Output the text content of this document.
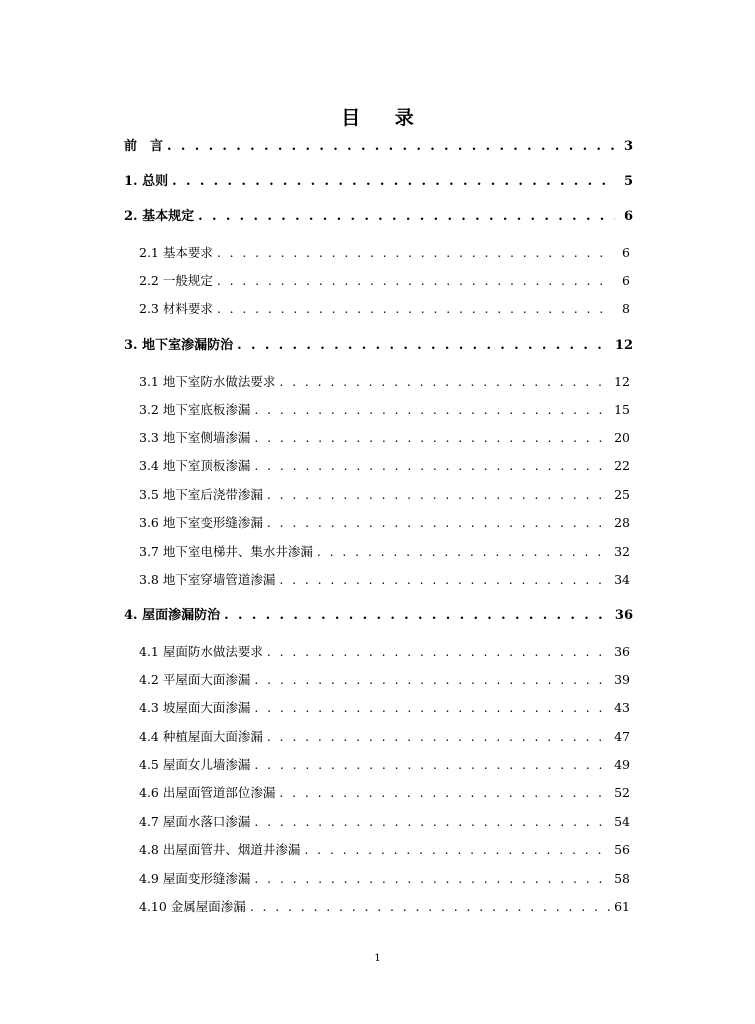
目 录
前　言 . . .	3
1. 总则 . . .	5
2. 基本规定 . . .	6
2.1 基本要求 . . .	6
2.2 一般规定 . . .	6
2.3 材料要求 . . .	8
3. 地下室渗漏防治 . . .	12
3.1 地下室防水做法要求 . . .	12
3.2 地下室底板渗漏 . . .	15
3.3 地下室侧墙渗漏 . . .	20
3.4 地下室顶板渗漏 . . .	22
3.5 地下室后浇带渗漏 . . .	25
3.6 地下室变形缝渗漏 . . .	28
3.7 地下室电梯井、集水井渗漏 . . .	32
3.8 地下室穿墙管道渗漏 . . .	34
4. 屋面渗漏防治 . . .	36
4.1 屋面防水做法要求 . . .	36
4.2 平屋面大面渗漏 . . .	39
4.3 坡屋面大面渗漏 . . .	43
4.4 种植屋面大面渗漏 . . .	47
4.5 屋面女儿墙渗漏 . . .	49
4.6 出屋面管道部位渗漏 . . .	52
4.7 屋面水落口渗漏 . . .	54
4.8 出屋面管井、烟道井渗漏 . . .	56
4.9 屋面变形缝渗漏 . . .	58
4.10 金属屋面渗漏 . . .	61
1
